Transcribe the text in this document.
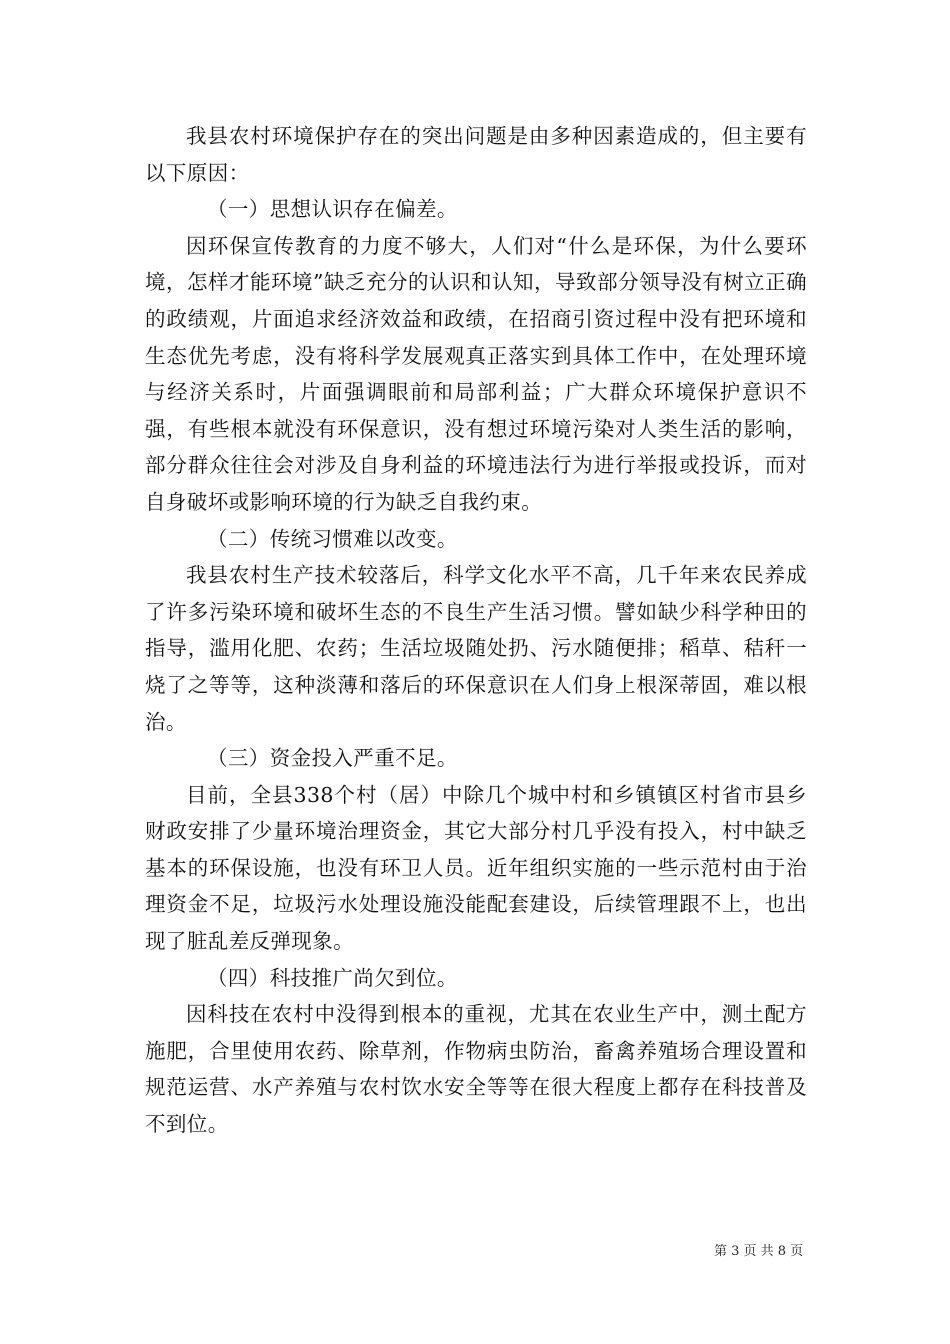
我县农村环境保护存在的突出问题是由多种因素造成的，但主要有以下原因：

（一）思想认识存在偏差。

因环保宣传教育的力度不够大，人们对“什么是环保，为什么要环境，怎样才能环境”缺乏充分的认识和认知，导致部分领导没有树立正确的政绩观，片面追求经济效益和政绩，在招商引资过程中没有把环境和生态优先考虑，没有将科学发展观真正落实到具体工作中，在处理环境与经济关系时，片面强调眼前和局部利益；广大群众环境保护意识不强，有些根本就没有环保意识，没有想过环境污染对人类生活的影响，部分群众往往会对涉及自身利益的环境违法行为进行举报或投诉，而对自身破坏或影响环境的行为缺乏自我约束。

（二）传统习惯难以改变。

我县农村生产技术较落后，科学文化水平不高，几千年来农民养成了许多污染环境和破坏生态的不良生产生活习惯。譬如缺少科学种田的指导，滥用化肥、农药；生活垃圾随处扔、污水随便排；稻草、秸秆一烧了之等等，这种淡薄和落后的环保意识在人们身上根深蒂固，难以根治。

（三）资金投入严重不足。

目前，全县338个村（居）中除几个城中村和乡镇镇区村省市县乡财政安排了少量环境治理资金，其它大部分村几乎没有投入，村中缺乏基本的环保设施，也没有环卫人员。近年组织实施的一些示范村由于治理资金不足，垃圾污水处理设施没能配套建设，后续管理跟不上，也出现了脏乱差反弹现象。

（四）科技推广尚欠到位。

因科技在农村中没得到根本的重视，尤其在农业生产中，测土配方施肥，合里使用农药、除草剂，作物病虫防治，畜禽养殖场合理设置和规范运营、水产养殖与农村饮水安全等等在很大程度上都存在科技普及不到位。

第 3 页 共 8 页
